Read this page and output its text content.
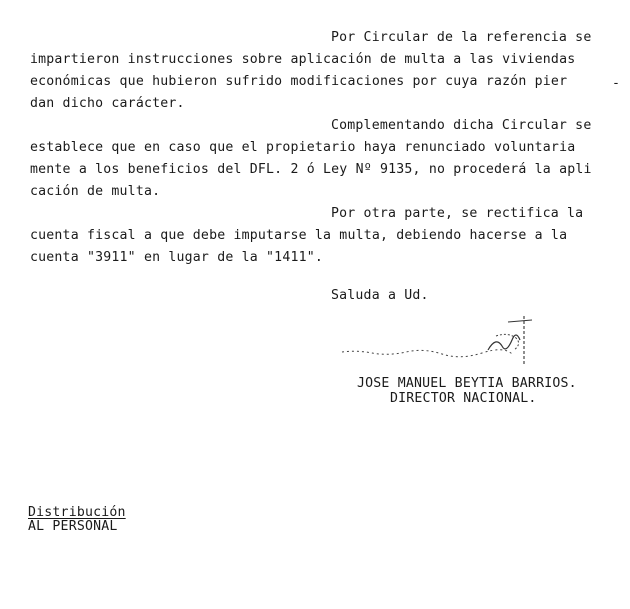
Por Circular de la referencia se
impartieron instrucciones sobre aplicación de multa a las viviendas
económicas que hubieron sufrido modificaciones por cuya razón pier	-
dan dicho carácter.
Complementando dicha Circular se
establece que en caso que el propietario haya renunciado voluntaria
mente a los beneficios del DFL. 2 ó Ley Nº 9135, no procederá la apli
cación de multa.
Por otra parte, se rectifica la
cuenta fiscal a que debe imputarse la multa, debiendo hacerse a la
cuenta "3911" en lugar de la "1411".
Saluda a Ud.
JOSE MANUEL BEYTIA BARRIOS.
DIRECTOR NACIONAL.
Distribución
AL PERSONAL
